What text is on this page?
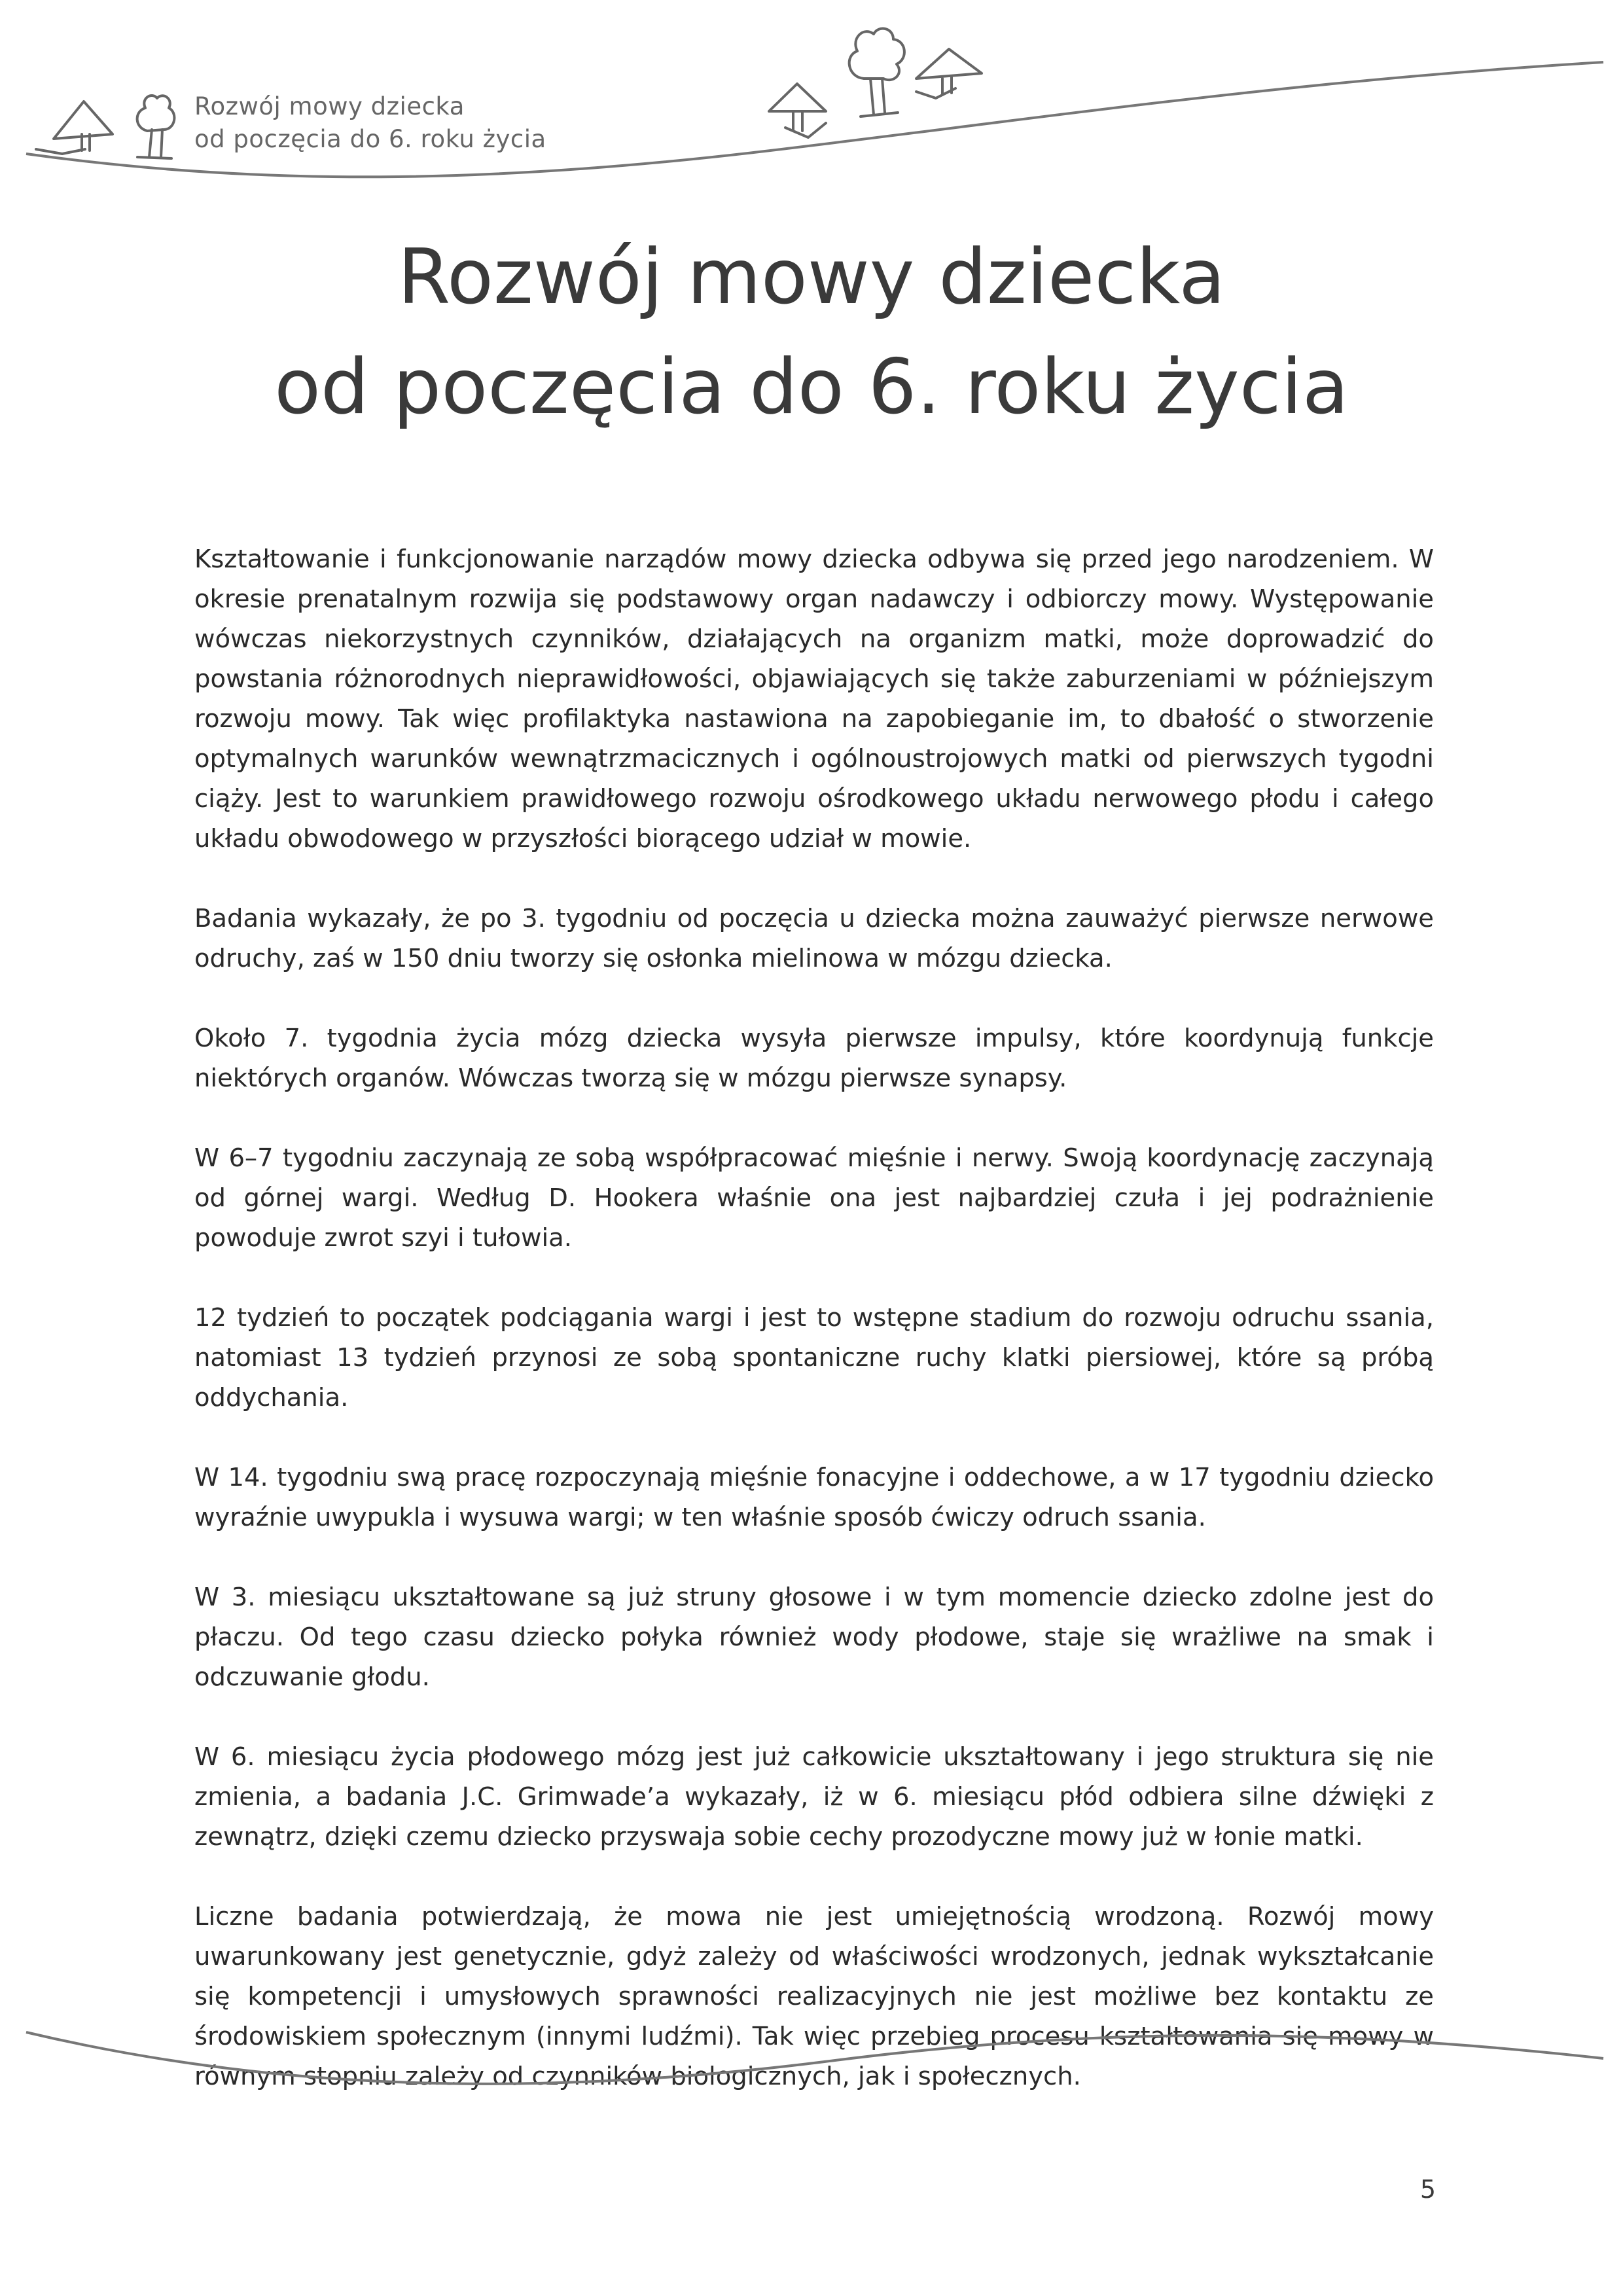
Rozwój mowy dziecka
od poczęcia do 6. roku życia
Rozwój mowy dziecka
od poczęcia do 6. roku życia

Kształtowanie i funkcjonowanie narządów mowy dziecka odbywa się przed jego narodzeniem. W okresie prenatalnym rozwija się podstawowy organ nadawczy i odbiorczy mowy. Występowanie wówczas niekorzystnych czynników, działających na organizm matki, może doprowadzić do powstania różnorodnych nieprawidłowości, objawiających się także zaburzeniami w późniejszym rozwoju mowy. Tak więc profilaktyka nastawiona na zapobieganie im, to dbałość o stworzenie optymalnych warunków wewnątrzmacicznych i ogólnoustrojowych matki od pierwszych tygodni ciąży. Jest to warunkiem prawidłowego rozwoju ośrodkowego układu nerwowego płodu i całego układu obwodowego w przyszłości biorącego udział w mowie.

Badania wykazały, że po 3. tygodniu od poczęcia u dziecka można zauważyć pierwsze nerwowe odruchy, zaś w 150 dniu tworzy się osłonka mielinowa w mózgu dziecka.

Około 7. tygodnia życia mózg dziecka wysyła pierwsze impulsy, które koordynują funkcje niektórych organów. Wówczas tworzą się w mózgu pierwsze synapsy.

W 6–7 tygodniu zaczynają ze sobą współpracować mięśnie i nerwy. Swoją koordynację zaczynają od górnej wargi. Według D. Hookera właśnie ona jest najbardziej czuła i jej podrażnienie powoduje zwrot szyi i tułowia.

12 tydzień to początek podciągania wargi i jest to wstępne stadium do rozwoju odruchu ssania, natomiast 13 tydzień przynosi ze sobą spontaniczne ruchy klatki piersiowej, które są próbą oddychania.

W 14. tygodniu swą pracę rozpoczynają mięśnie fonacyjne i oddechowe, a w 17 tygodniu dziecko wyraźnie uwypukla i wysuwa wargi; w ten właśnie sposób ćwiczy odruch ssania.

W 3. miesiącu ukształtowane są już struny głosowe i w tym momencie dziecko zdolne jest do płaczu. Od tego czasu dziecko połyka również wody płodowe, staje się wrażliwe na smak i odczuwanie głodu.

W 6. miesiącu życia płodowego mózg jest już całkowicie ukształtowany i jego struktura się nie zmienia, a badania J.C. Grimwade’a wykazały, iż w 6. miesiącu płód odbiera silne dźwięki z zewnątrz, dzięki czemu dziecko przyswaja sobie cechy prozodyczne mowy już w łonie matki.

Liczne badania potwierdzają, że mowa nie jest umiejętnością wrodzoną. Rozwój mowy uwarunkowany jest genetycznie, gdyż zależy od właściwości wrodzonych, jednak wykształcanie się kompetencji i umysłowych sprawności realizacyjnych nie jest możliwe bez kontaktu ze środowiskiem społecznym (innymi ludźmi). Tak więc przebieg procesu kształtowania się mowy w równym stopniu zależy od czynników biologicznych, jak i społecznych.

5
